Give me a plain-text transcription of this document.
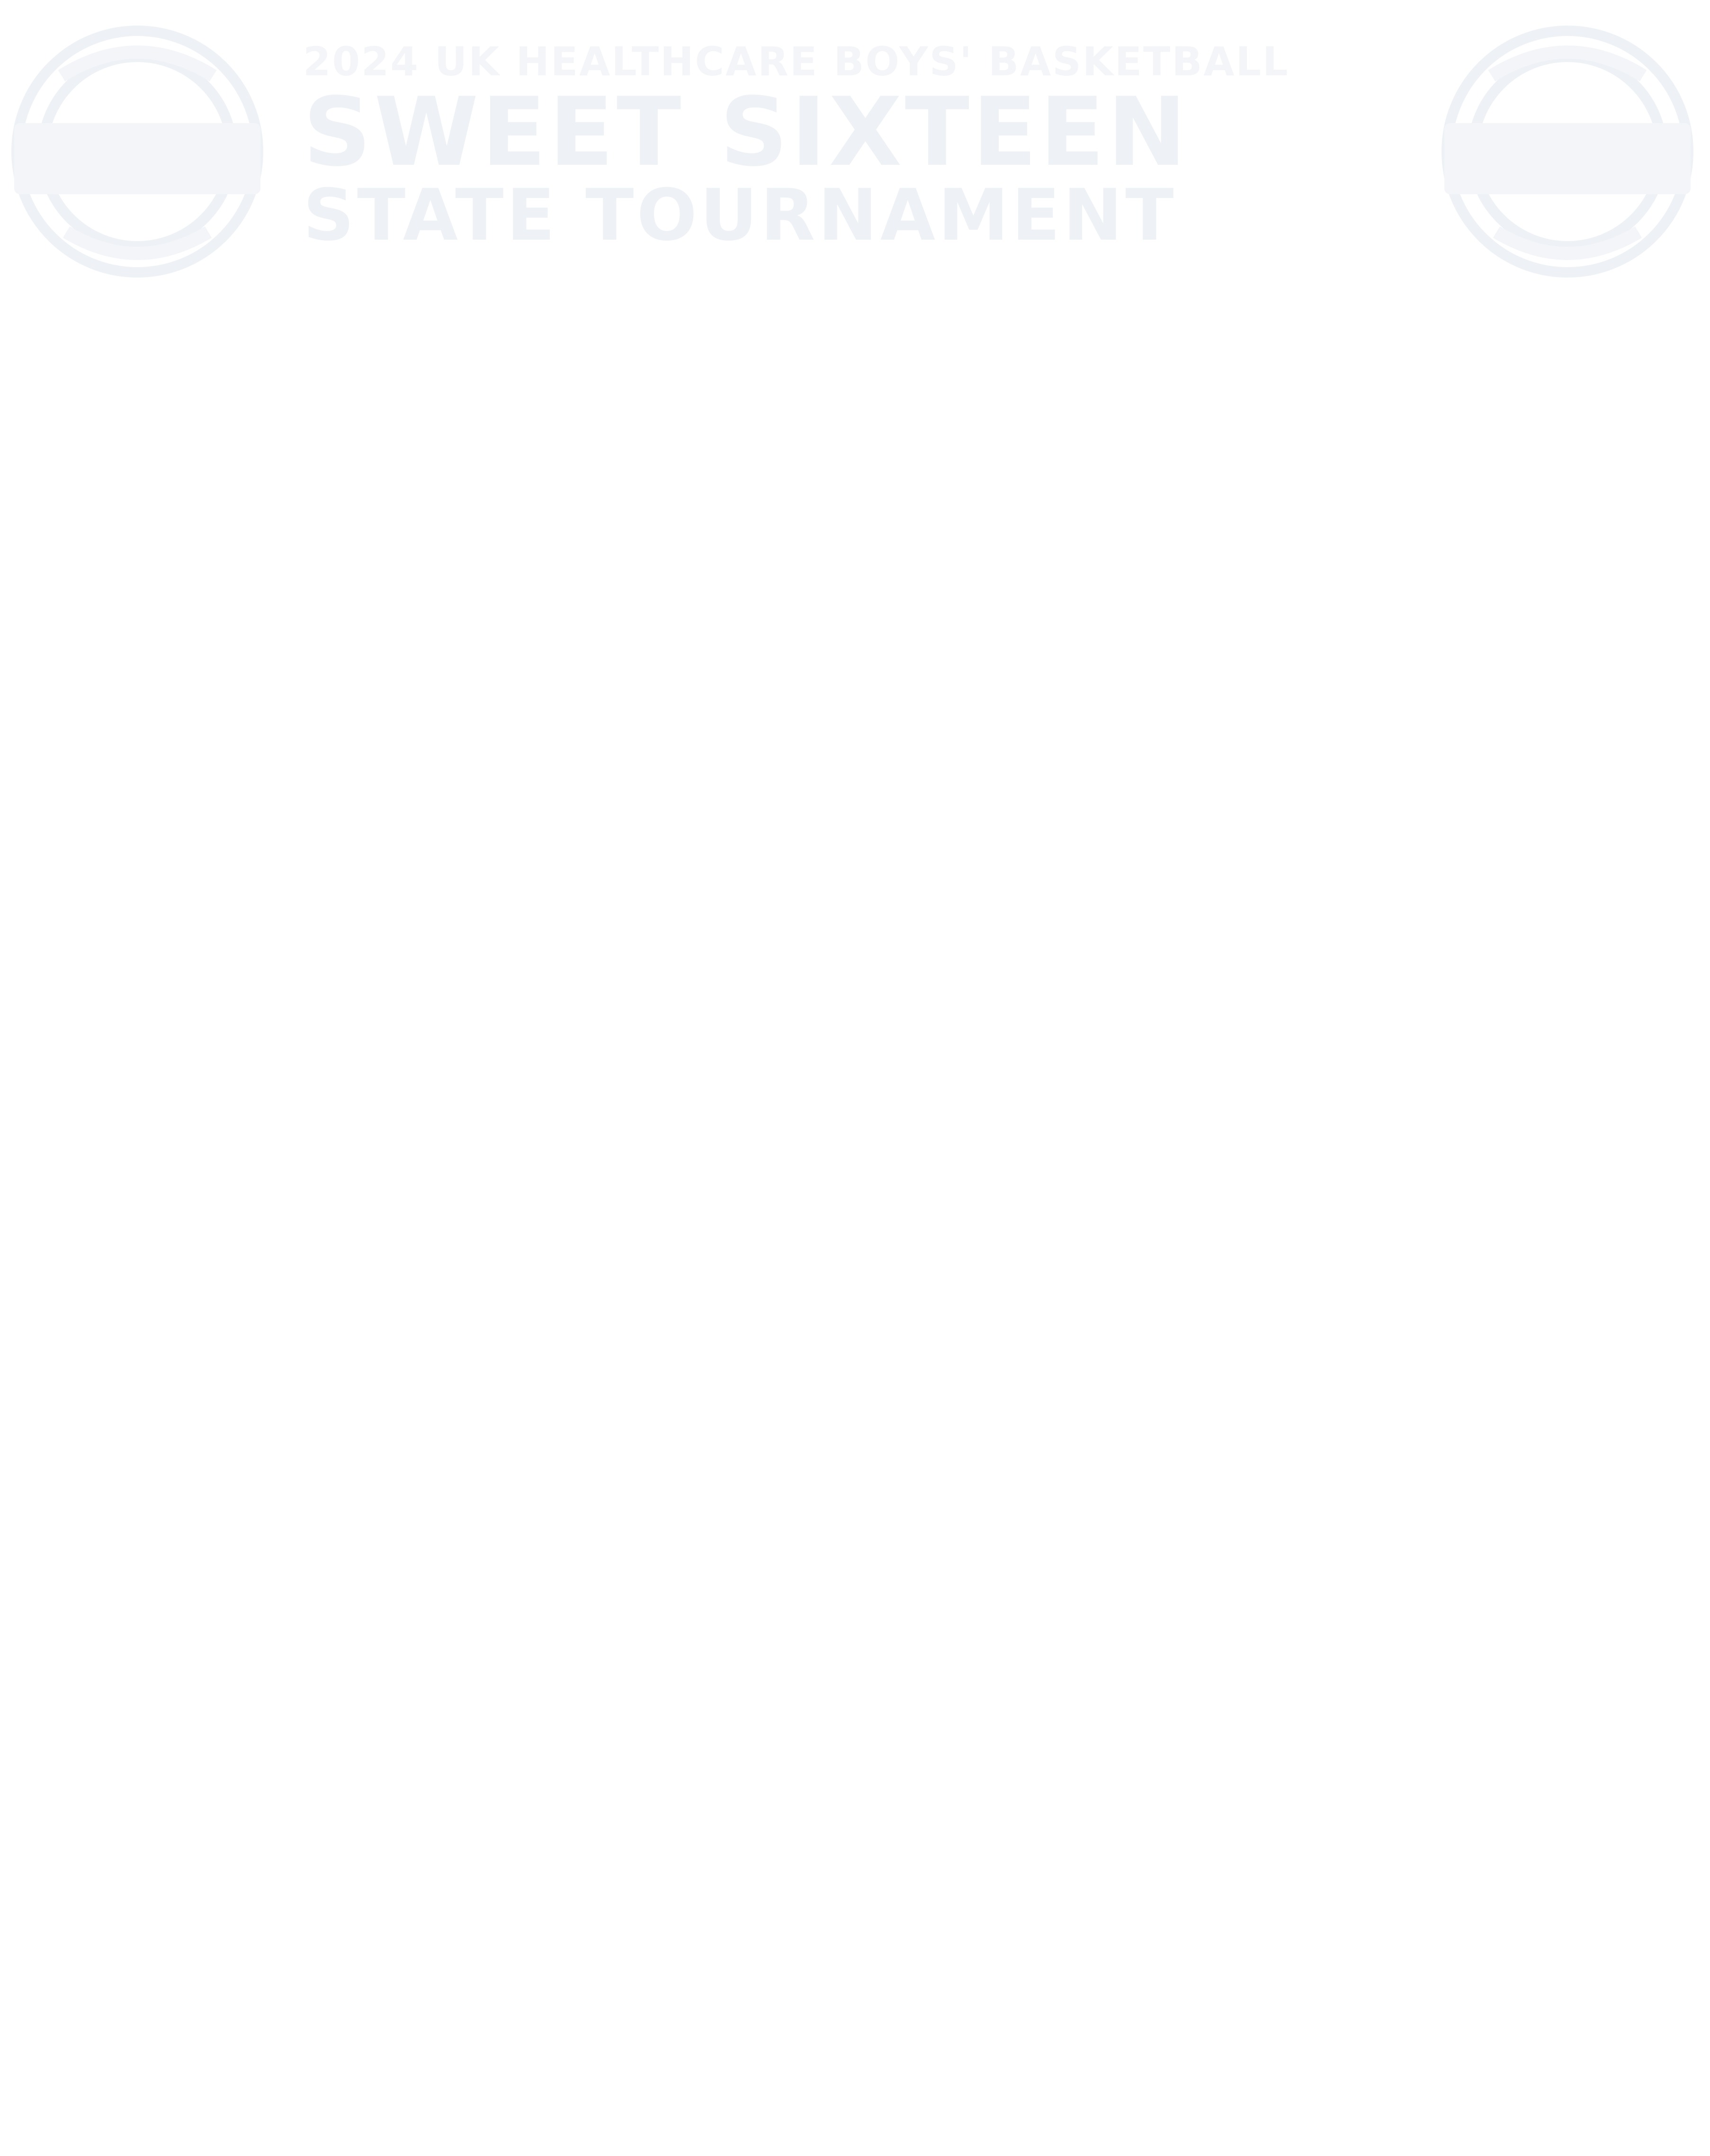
2024 UK HEALTHCARE BOYS' BASKETBALL
SWEET SIXTEEN
STATE TOURNAMENT
